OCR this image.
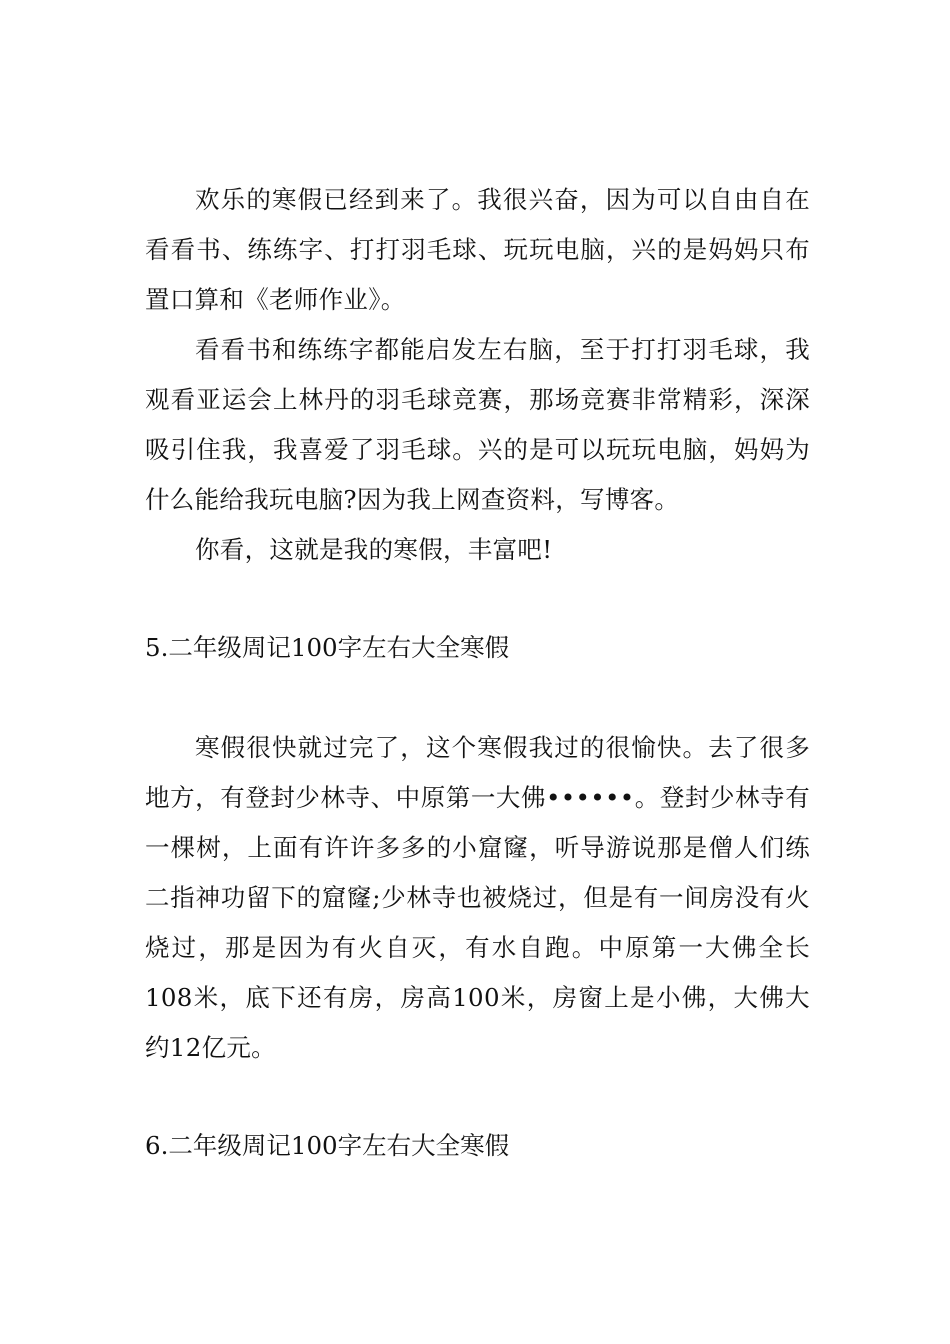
欢乐的寒假已经到来了。我很兴奋，因为可以自由自在看看书、练练字、打打羽毛球、玩玩电脑，兴的是妈妈只布置口算和《老师作业》。

看看书和练练字都能启发左右脑，至于打打羽毛球，我观看亚运会上林丹的羽毛球竞赛，那场竞赛非常精彩，深深吸引住我，我喜爱了羽毛球。兴的是可以玩玩电脑，妈妈为什么能给我玩电脑?因为我上网查资料，写博客。

你看，这就是我的寒假，丰富吧!

5.二年级周记100字左右大全寒假

寒假很快就过完了，这个寒假我过的很愉快。去了很多地方，有登封少林寺、中原第一大佛••••••。登封少林寺有一棵树，上面有许许多多的小窟窿，听导游说那是僧人们练二指神功留下的窟窿;少林寺也被烧过，但是有一间房没有火烧过，那是因为有火自灭，有水自跑。中原第一大佛全长108米，底下还有房，房高100米，房窗上是小佛，大佛大约12亿元。

6.二年级周记100字左右大全寒假
